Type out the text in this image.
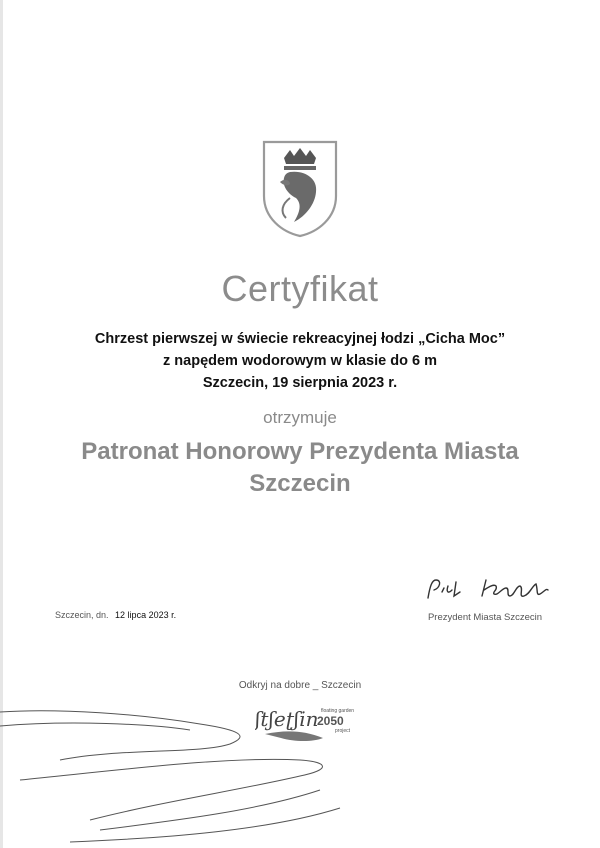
Certyfikat
Chrzest pierwszej w świecie rekreacyjnej łodzi „Cicha Moc”
z napędem wodorowym w klasie do 6 m
Szczecin, 19 sierpnia 2023 r.
otrzymuje
Patronat Honorowy Prezydenta Miasta
Szczecin
Szczecin, dn. 12 lipca 2023 r.	Prezydent Miasta Szczecin
Odkryj na dobre _ Szczecin
ʃtʃeʈʃin floating garden
2050
project
